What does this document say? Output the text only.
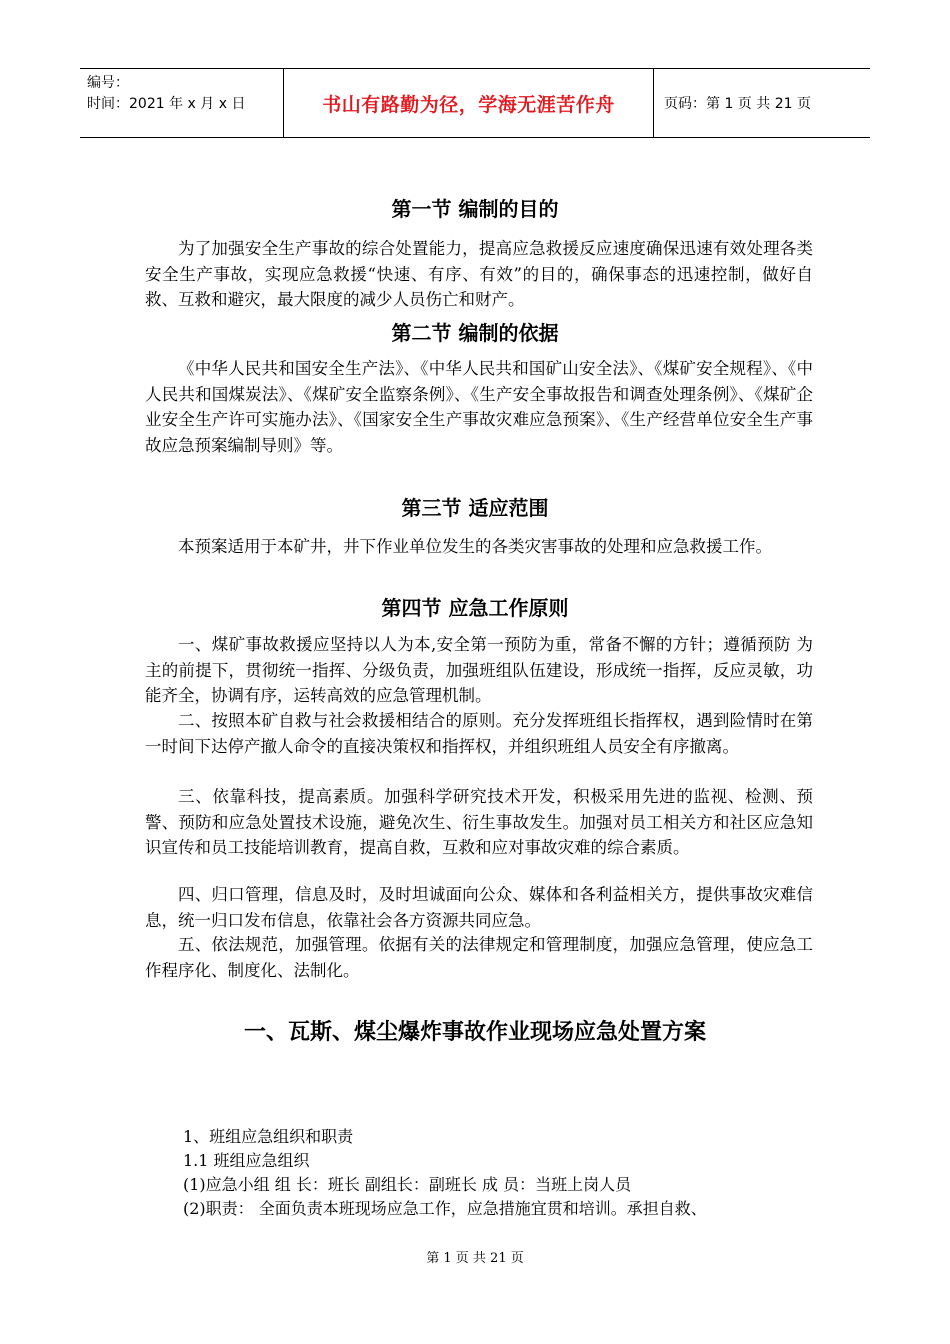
编号：
时间：2021 年 x 月 x 日	书山有路勤为径，学海无涯苦作舟	页码：第 1 页 共 21 页
第一节 编制的目的

为了加强安全生产事故的综合处置能力，提高应急救援反应速度确保迅速有效处理各类安全生产事故，实现应急救援“快速、有序、有效”的目的，确保事态的迅速控制，做好自救、互救和避灾，最大限度的减少人员伤亡和财产。

第二节 编制的依据

《中华人民共和国安全生产法》、《中华人民共和国矿山安全法》、《煤矿安全规程》、《中人民共和国煤炭法》、《煤矿安全监察条例》、《生产安全事故报告和调查处理条例》、《煤矿企业安全生产许可实施办法》、《国家安全生产事故灾难应急预案》、《生产经营单位安全生产事故应急预案编制导则》等。

第三节 适应范围

本预案适用于本矿井，井下作业单位发生的各类灾害事故的处理和应急救援工作。

第四节 应急工作原则

一、煤矿事故救援应坚持以人为本,安全第一预防为重，常备不懈的方针；遵循预防 为主的前提下，贯彻统一指挥、分级负责，加强班组队伍建设，形成统一指挥，反应灵敏，功能齐全，协调有序，运转高效的应急管理机制。

二、按照本矿自救与社会救援相结合的原则。充分发挥班组长指挥权，遇到险情时在第一时间下达停产撤人命令的直接决策权和指挥权，并组织班组人员安全有序撤离。

三、依靠科技，提高素质。加强科学研究技术开发，积极采用先进的监视、检测、预警、预防和应急处置技术设施，避免次生、衍生事故发生。加强对员工相关方和社区应急知识宣传和员工技能培训教育，提高自救，互救和应对事故灾难的综合素质。

四、归口管理，信息及时，及时坦诚面向公众、媒体和各利益相关方，提供事故灾难信息，统一归口发布信息，依靠社会各方资源共同应急。

五、依法规范，加强管理。依据有关的法律规定和管理制度，加强应急管理，使应急工作程序化、制度化、法制化。

一、瓦斯、煤尘爆炸事故作业现场应急处置方案
1、班组应急组织和职责
1.1 班组应急组织
(1)应急小组 组 长：班长 副组长：副班长 成 员：当班上岗人员
(2)职责： 全面负责本班现场应急工作，应急措施宜贯和培训。承担自救、
第 1 页 共 21 页
